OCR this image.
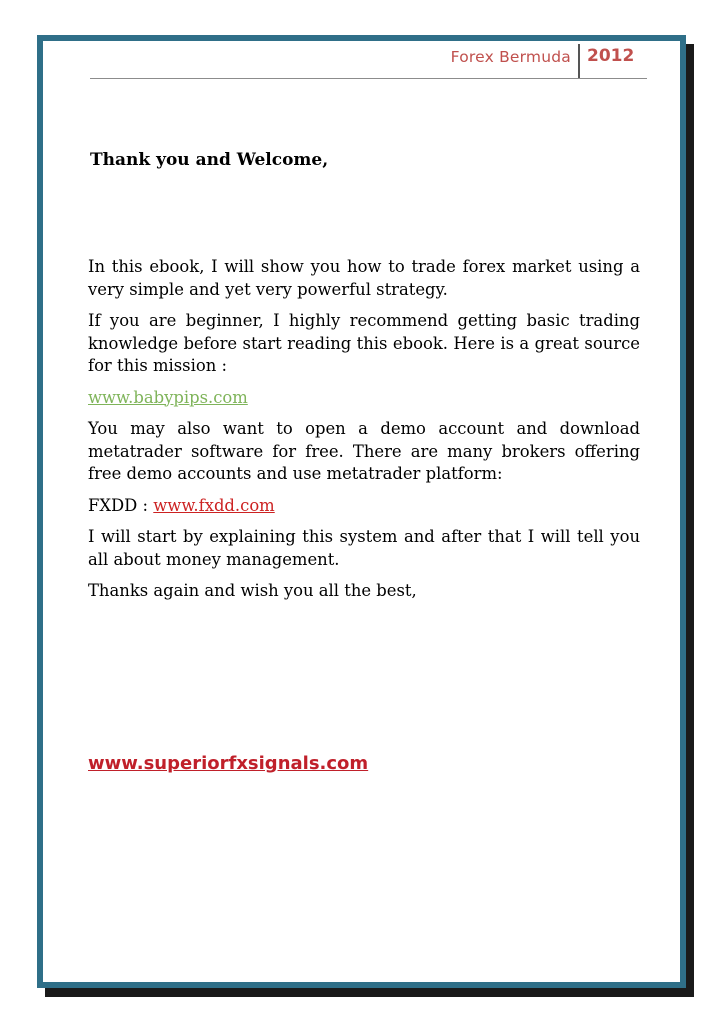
Forex Bermuda 2012
Thank you and Welcome,

In this ebook, I will show you how to trade forex market using a very simple and yet very powerful strategy.

If you are beginner, I highly recommend getting basic trading knowledge before start reading this ebook. Here is a great source for this mission :

www.babypips.com

You may also want to open a demo account and download metatrader software for free. There are many brokers offering free demo accounts and use metatrader platform:

FXDD : www.fxdd.com

I will start by explaining this system and after that I will tell you all about money management.

Thanks again and wish you all the best,

www.superiorfxsignals.com
